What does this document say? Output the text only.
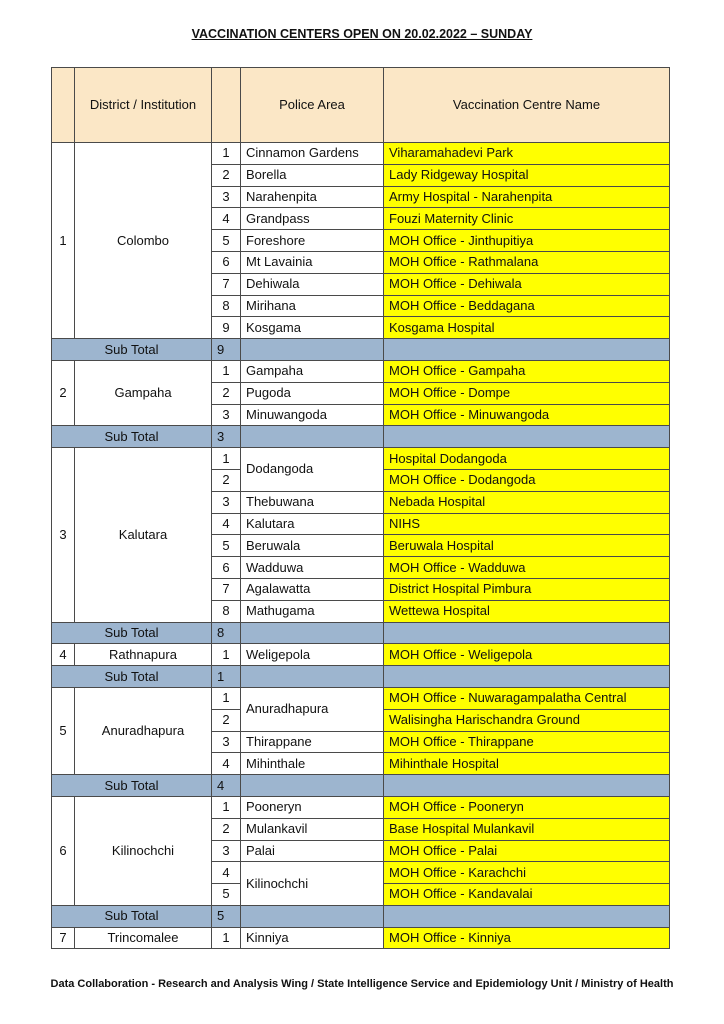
VACCINATION CENTERS OPEN ON 20.02.2022 – SUNDAY
	District / Institution		Police Area	Vaccination Centre Name
1	Colombo	1	Cinnamon Gardens	Viharamahadevi Park
		2	Borella	Lady Ridgeway Hospital
		3	Narahenpita	Army Hospital - Narahenpita
		4	Grandpass	Fouzi Maternity Clinic
		5	Foreshore	MOH Office - Jinthupitiya
		6	Mt Lavainia	MOH Office - Rathmalana
		7	Dehiwala	MOH Office - Dehiwala
		8	Mirihana	MOH Office - Beddagana
		9	Kosgama	Kosgama Hospital
Sub Total		9		
2	Gampaha	1	Gampaha	MOH Office - Gampaha
		2	Pugoda	MOH Office - Dompe
		3	Minuwangoda	MOH Office - Minuwangoda
Sub Total		3		
3	Kalutara	1	Dodangoda	Hospital Dodangoda
		2		MOH Office - Dodangoda
		3	Thebuwana	Nebada Hospital
		4	Kalutara	NIHS
		5	Beruwala	Beruwala Hospital
		6	Wadduwa	MOH Office - Wadduwa
		7	Agalawatta	District Hospital Pimbura
		8	Mathugama	Wettewa Hospital
Sub Total		8		
4	Rathnapura	1	Weligepola	MOH Office - Weligepola
Sub Total		1		
5	Anuradhapura	1	Anuradhapura	MOH Office - Nuwaragampalatha Central
		2		Walisingha Harischandra Ground
		3	Thirappane	MOH Office - Thirappane
		4	Mihinthale	Mihinthale Hospital
Sub Total		4		
6	Kilinochchi	1	Pooneryn	MOH Office - Pooneryn
		2	Mulankavil	Base Hospital Mulankavil
		3	Palai	MOH Office - Palai
		4	Kilinochchi	MOH Office - Karachchi
		5		MOH Office - Kandavalai
Sub Total		5		
7	Trincomalee	1	Kinniya	MOH Office - Kinniya
Data Collaboration - Research and Analysis Wing / State Intelligence Service and Epidemiology Unit / Ministry of Health
